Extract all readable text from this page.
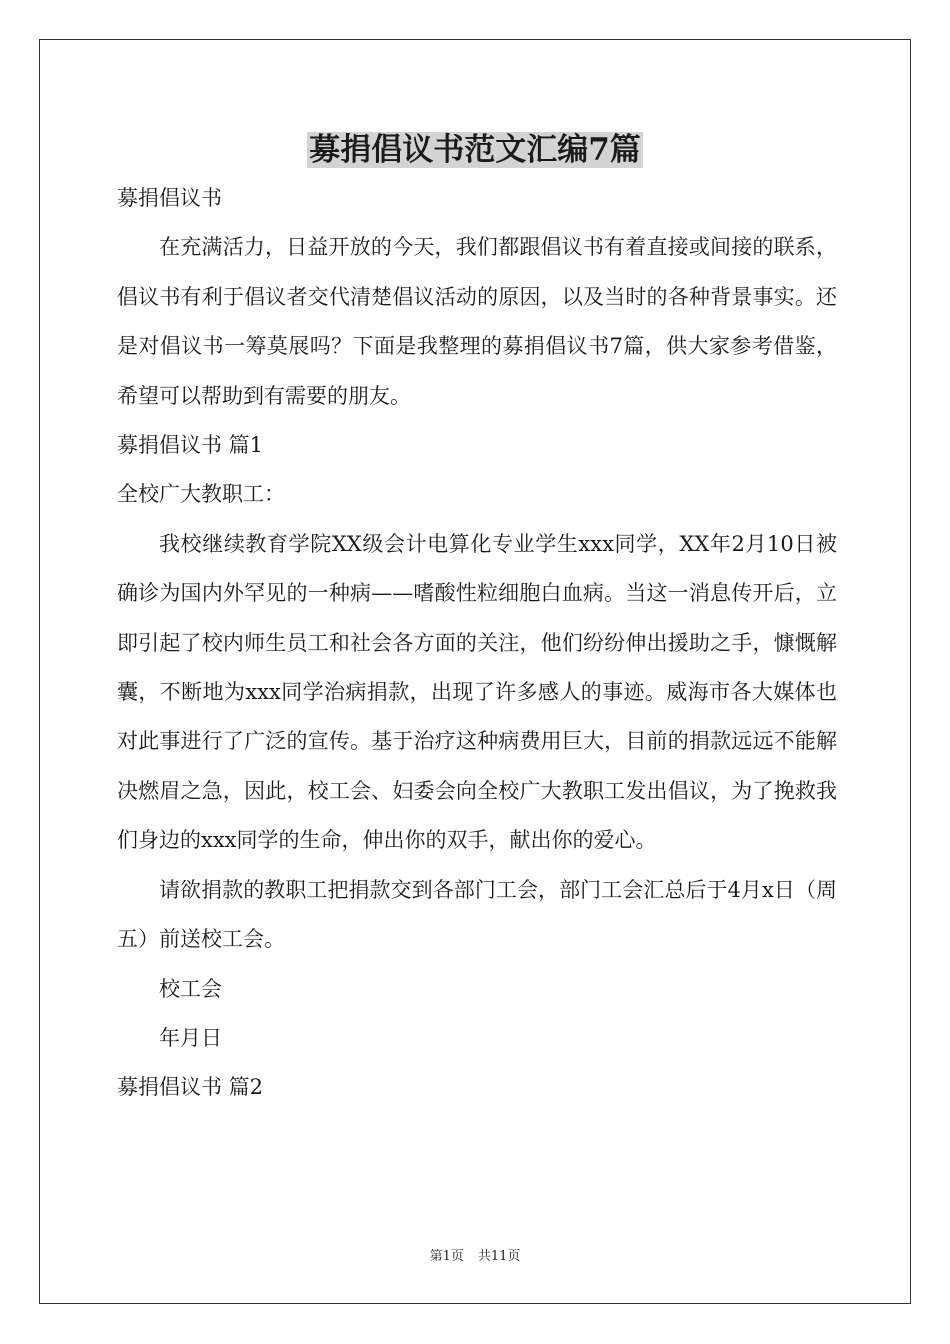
募捐倡议书范文汇编7篇

募捐倡议书

在充满活力，日益开放的今天，我们都跟倡议书有着直接或间接的联系，倡议书有利于倡议者交代清楚倡议活动的原因，以及当时的各种背景事实。还是对倡议书一筹莫展吗？下面是我整理的募捐倡议书7篇，供大家参考借鉴，希望可以帮助到有需要的朋友。

募捐倡议书 篇1

全校广大教职工：

我校继续教育学院XX级会计电算化专业学生xxx同学，XX年2月10日被确诊为国内外罕见的一种病——嗜酸性粒细胞白血病。当这一消息传开后，立即引起了校内师生员工和社会各方面的关注，他们纷纷伸出援助之手，慷慨解囊，不断地为xxx同学治病捐款，出现了许多感人的事迹。威海市各大媒体也对此事进行了广泛的宣传。基于治疗这种病费用巨大，目前的捐款远远不能解决燃眉之急，因此，校工会、妇委会向全校广大教职工发出倡议，为了挽救我们身边的xxx同学的生命，伸出你的双手，献出你的爱心。

请欲捐款的教职工把捐款交到各部门工会，部门工会汇总后于4月x日（周五）前送校工会。

校工会

年月日

募捐倡议书 篇2

第1页 共11页
